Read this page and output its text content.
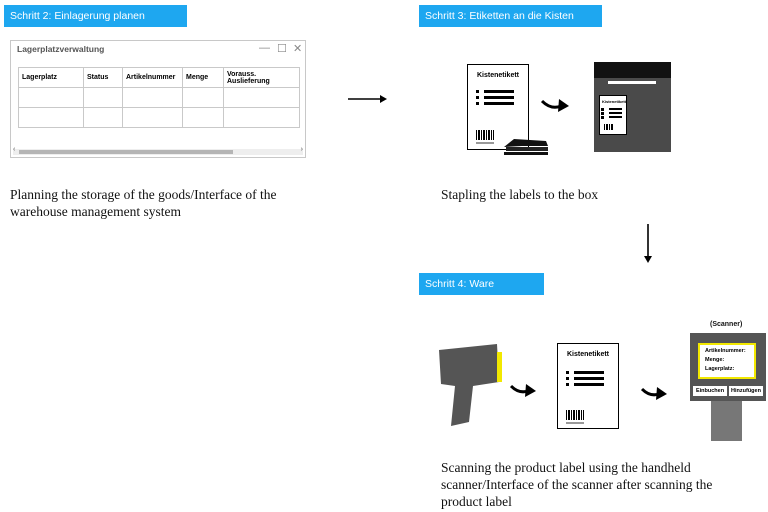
Schritt 2: Einlagerung planen	Schritt 3: Etiketten an die Kisten tackern
Schritt 4: Ware einbuchen
Lagerplatzverwaltung	— ☐ ✕
Lagerplatz	Status	Artikelnummer	Menge	Vorauss. Auslieferung

‹	›
Kistenetikett
Kistenetikett
Kistenetikett
(Scanner)
Artikelnummer:
Menge:
Lagerplatz:
Einbuchen	Hinzufügen
Planning the storage of the goods/Interface of the
warehouse management system
Stapling the labels to the box
Scanning the product label using the handheld
scanner/Interface of the scanner after scanning the
product label
